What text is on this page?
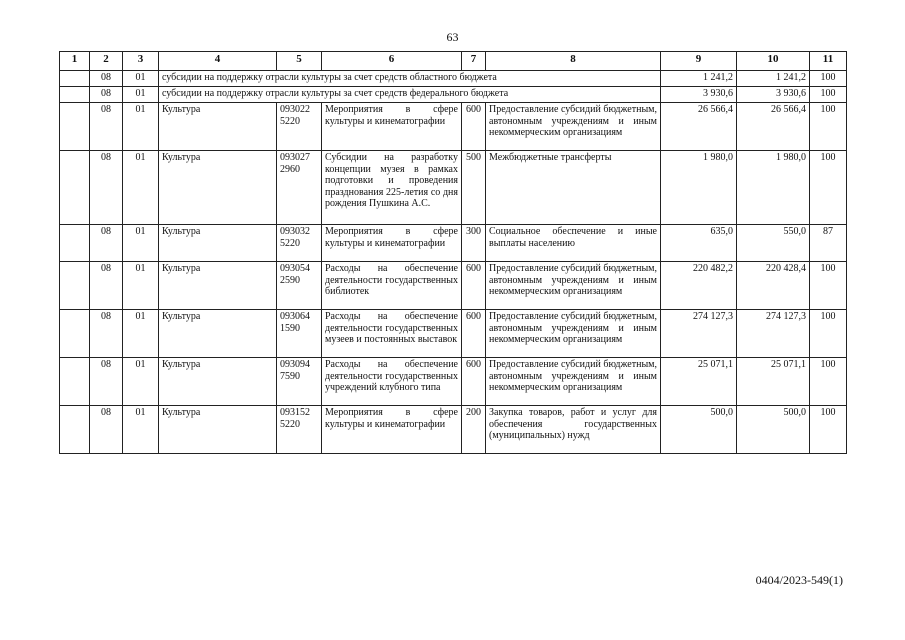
63
1	2	3	4	5	6	7	8	9	10	11
	08	01	субсидии на поддержку отрасли культуры за счет средств областного бюджета					1 241,2	1 241,2	100
	08	01	субсидии на поддержку отрасли культуры за счет средств федерального бюджета					3 930,6	3 930,6	100
	08	01	Культура	093022 5220	Мероприятия в сфере культуры и кинематографии	600	Предоставление субсидий бюджетным, автономным учреждениям и иным некоммерческим организациям	26 566,4	26 566,4	100
	08	01	Культура	093027 2960	Субсидии на разработку концепции музея в рамках подготовки и проведения празднования 225-летия со дня рождения Пушкина А.С.	500	Межбюджетные трансферты	1 980,0	1 980,0	100
	08	01	Культура	093032 5220	Мероприятия в сфере культуры и кинематографии	300	Социальное обеспечение и иные выплаты населению	635,0	550,0	87
	08	01	Культура	093054 2590	Расходы на обеспечение деятельности государственных библиотек	600	Предоставление субсидий бюджетным, автономным учреждениям и иным некоммерческим организациям	220 482,2	220 428,4	100
	08	01	Культура	093064 1590	Расходы на обеспечение деятельности государственных музеев и постоянных выставок	600	Предоставление субсидий бюджетным, автономным учреждениям и иным некоммерческим организациям	274 127,3	274 127,3	100
	08	01	Культура	093094 7590	Расходы на обеспечение деятельности государственных учреждений клубного типа	600	Предоставление субсидий бюджетным, автономным учреждениям и иным некоммерческим организациям	25 071,1	25 071,1	100
	08	01	Культура	093152 5220	Мероприятия в сфере культуры и кинематографии	200	Закупка товаров, работ и услуг для обеспечения государственных (муниципальных) нужд	500,0	500,0	100
0404/2023-549(1)
